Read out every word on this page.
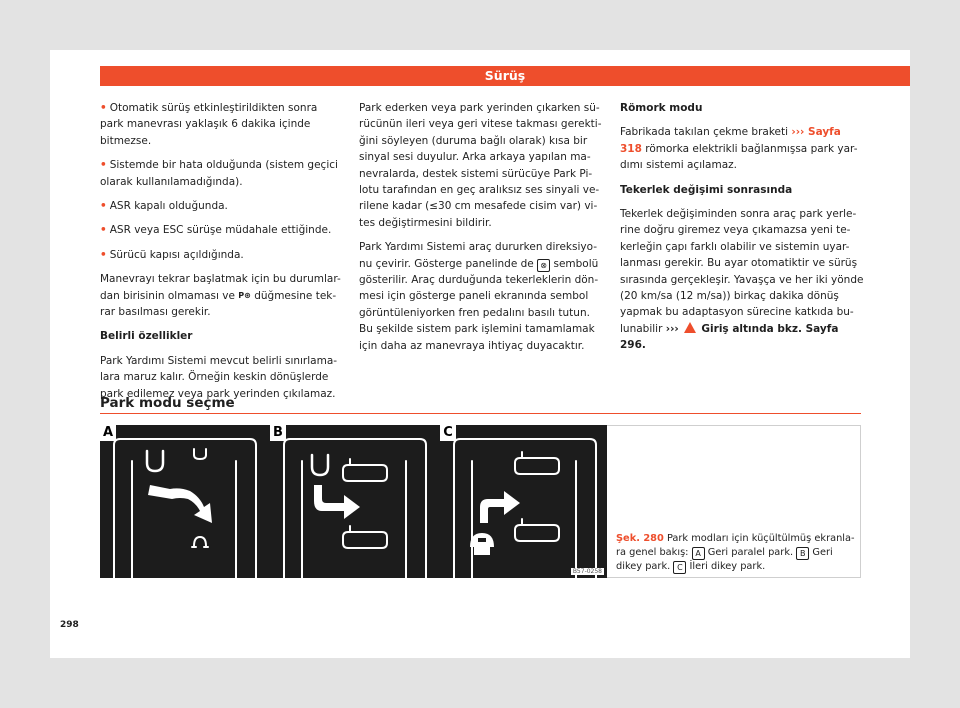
Sürüş

• Otomatik sürüş etkinleştirildikten sonra park manevrası yaklaşık 6 dakika içinde bitmezse.

• Sistemde bir hata olduğunda (sistem geçici olarak kullanılamadığında).

• ASR kapalı olduğunda.

• ASR veya ESC sürüşe müdahale ettiğinde.

• Sürücü kapısı açıldığında.

Manevrayı tekrar başlatmak için bu durumlar-dan birisinin olmaması ve P⊛ düğmesine tek-rar basılması gerekir.

Belirli özellikler

Park Yardımı Sistemi mevcut belirli sınırlama-lara maruz kalır. Örneğin keskin dönüşlerde park edilemez veya park yerinden çıkılamaz.

Park ederken veya park yerinden çıkarken sü-rücünün ileri veya geri vitese takması gerekti-ğini söyleyen (duruma bağlı olarak) kısa bir sinyal sesi duyulur. Arka arkaya yapılan ma-nevralarda, destek sistemi sürücüye Park Pi-lotu tarafından en geç aralıksız ses sinyali ve-rilene kadar (≤30 cm mesafede cisim var) vi-tes değiştirmesini bildirir.

Park Yardımı Sistemi araç dururken direksiyo-nu çevirir. Gösterge panelinde de ⊗ sembolü gösterilir. Araç durduğunda tekerleklerin dön-mesi için gösterge paneli ekranında sembol görüntüleniyorken fren pedalını basılı tutun. Bu şekilde sistem park işlemini tamamlamak için daha az manevraya ihtiyaç duyacaktır.

Römork modu

Fabrikada takılan çekme braketi ››› Sayfa 318 römorka elektrikli bağlanmışsa park yar-dımı sistemi açılamaz.

Tekerlek değişimi sonrasında

Tekerlek değişiminden sonra araç park yerle-rine doğru giremez veya çıkamazsa yeni te-kerleğin çapı farklı olabilir ve sistemin uyar-lanması gerekir. Bu ayar otomatiktir ve sürüş sırasında gerçekleşir. Yavaşça ve her iki yönde (20 km/sa (12 m/sa)) birkaç dakika dönüş yapmak bu adaptasyon sürecine katkıda bu-lunabilir ››› Giriş altında bkz. Sayfa 296.

Park modu seçme
A	B	C
B57-0258
Şek. 280 Park modları için küçültülmüş ekranla-ra genel bakış: A Geri paralel park. B Geri dikey park. C İleri dikey park.
298
